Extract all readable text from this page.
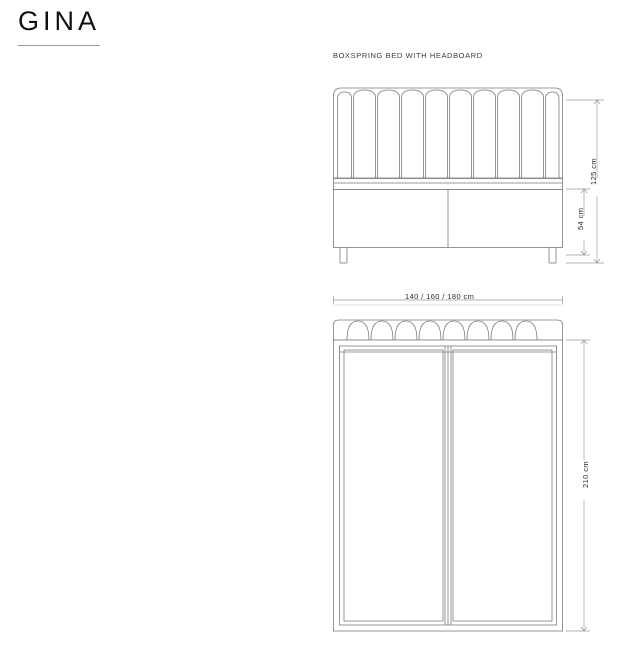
GINA
BOXSPRING BED WITH HEADBOARD
125 cm
54 cm
210 cm
140 / 160 / 180 cm
